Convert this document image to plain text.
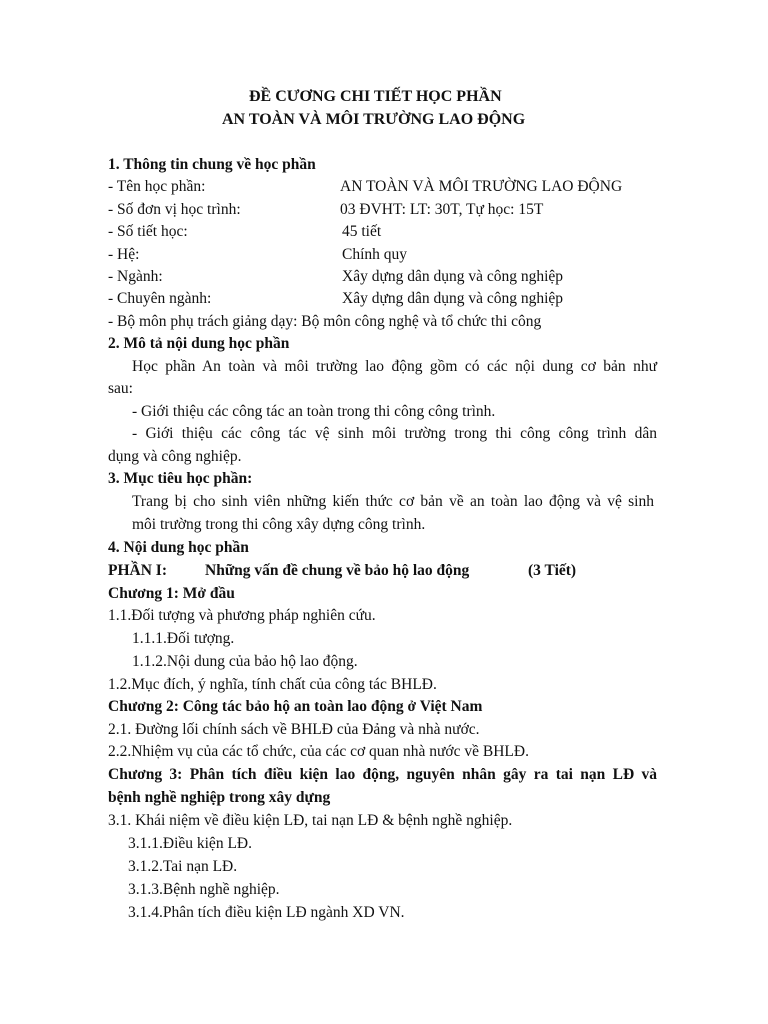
ĐỀ CƯƠNG CHI TIẾT HỌC PHẦN
AN TOÀN VÀ MÔI TRƯỜNG LAO ĐỘNG
1. Thông tin chung về học phần
- Tên học phần:	AN TOÀN VÀ MÔI TRƯỜNG LAO ĐỘNG
- Số đơn vị học trình:	03 ĐVHT: LT: 30T, Tự học: 15T
- Số tiết học:	45 tiết
- Hệ:	Chính quy
- Ngành:	Xây dựng dân dụng và công nghiệp
- Chuyên ngành:	Xây dựng dân dụng và công nghiệp
- Bộ môn phụ trách giảng dạy: Bộ môn công nghệ và tổ chức thi công
2. Mô tả nội dung học phần
Học phần An toàn và môi trường lao động gồm có các nội dung cơ bản như
sau:
- Giới thiệu các công tác an toàn trong thi công công trình.
- Giới thiệu các công tác vệ sinh môi trường trong thi công công trình dân
dụng và công nghiệp.
3. Mục tiêu học phần:
Trang bị cho sinh viên những kiến thức cơ bản về an toàn lao động và vệ sinh
môi trường trong thi công xây dựng công trình.
4. Nội dung học phần
PHẦN I: Những vấn đề chung về bảo hộ lao động	(3 Tiết)
Chương 1: Mở đầu
1.1.Đối tượng và phương pháp nghiên cứu.
1.1.1.Đối tượng.
1.1.2.Nội dung của bảo hộ lao động.
1.2.Mục đích, ý nghĩa, tính chất của công tác BHLĐ.
Chương 2: Công tác bảo hộ an toàn lao động ở Việt Nam
2.1. Đường lối chính sách về BHLĐ của Đảng và nhà nước.
2.2.Nhiệm vụ của các tổ chức, của các cơ quan nhà nước về BHLĐ.
Chương 3: Phân tích điều kiện lao động, nguyên nhân gây ra tai nạn LĐ và
bệnh nghề nghiệp trong xây dựng
3.1. Khái niệm về điều kiện LĐ, tai nạn LĐ & bệnh nghề nghiệp.
3.1.1.Điều kiện LĐ.
3.1.2.Tai nạn LĐ.
3.1.3.Bệnh nghề nghiệp.
3.1.4.Phân tích điều kiện LĐ ngành XD VN.
